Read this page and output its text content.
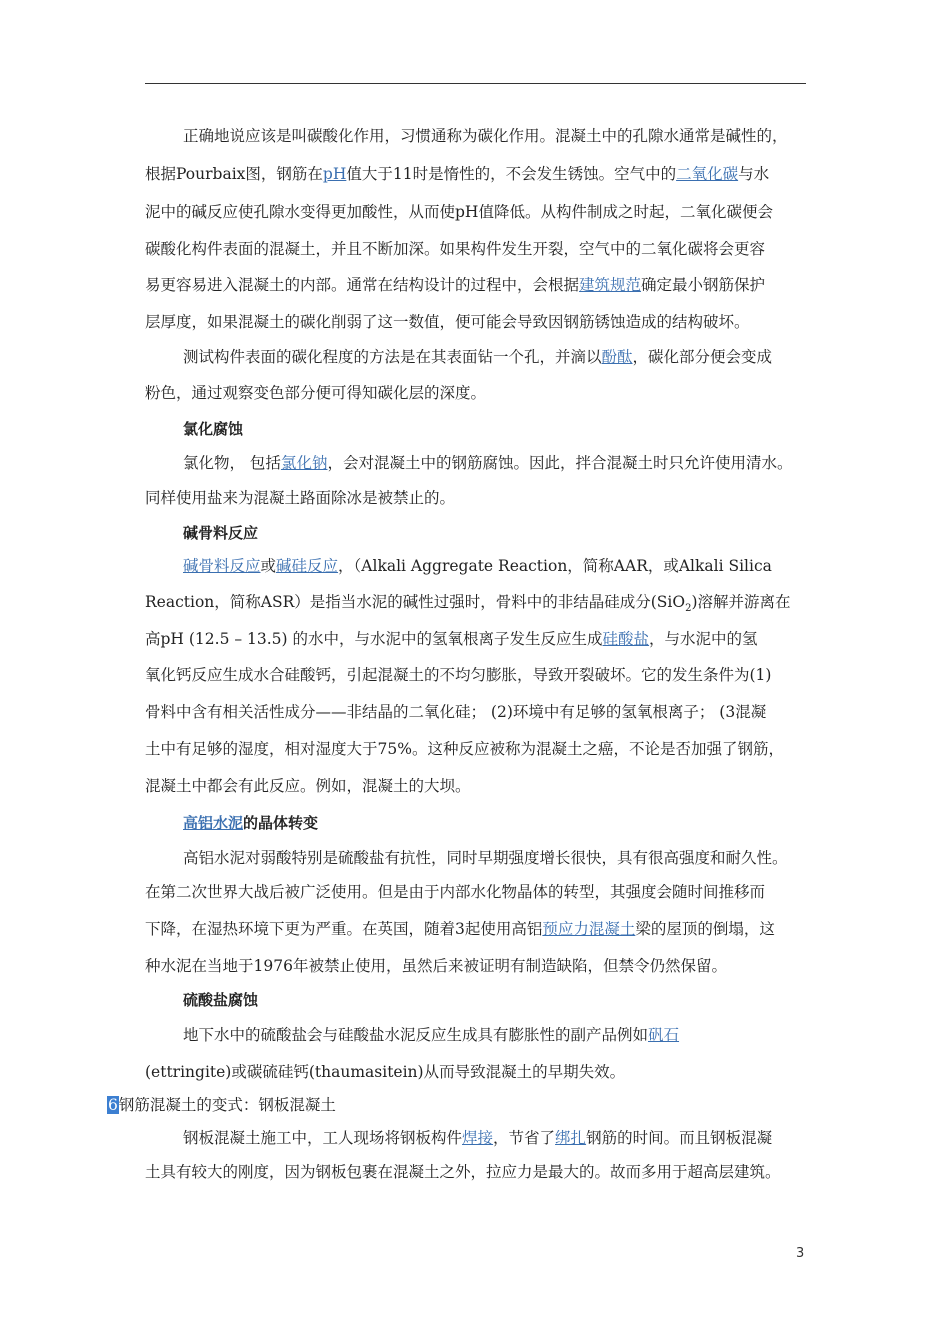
正确地说应该是叫碳酸化作用，习惯通称为碳化作用。混凝土中的孔隙水通常是碱性的，
根据Pourbaix图，钢筋在pH值大于11时是惰性的，不会发生锈蚀。空气中的二氧化碳与水
泥中的碱反应使孔隙水变得更加酸性，从而使pH值降低。从构件制成之时起，二氧化碳便会
碳酸化构件表面的混凝土，并且不断加深。如果构件发生开裂，空气中的二氧化碳将会更容
易更容易进入混凝土的内部。通常在结构设计的过程中，会根据建筑规范确定最小钢筋保护
层厚度，如果混凝土的碳化削弱了这一数值，便可能会导致因钢筋锈蚀造成的结构破坏。
测试构件表面的碳化程度的方法是在其表面钻一个孔，并滴以酚酞，碳化部分便会变成
粉色，通过观察变色部分便可得知碳化层的深度。
氯化腐蚀
氯化物， 包括氯化钠，会对混凝土中的钢筋腐蚀。因此，拌合混凝土时只允许使用清水。
同样使用盐来为混凝土路面除冰是被禁止的。
碱骨料反应
碱骨料反应或碱硅反应，（Alkali Aggregate Reaction，简称AAR，或Alkali Silica
Reaction，简称ASR）是指当水泥的碱性过强时，骨料中的非结晶硅成分(SiO$_2$)溶解并游离在
高pH (12.5 – 13.5) 的水中，与水泥中的氢氧根离子发生反应生成硅酸盐，与水泥中的氢
氧化钙反应生成水合硅酸钙，引起混凝土的不均匀膨胀，导致开裂破坏。它的发生条件为(1)
骨料中含有相关活性成分——非结晶的二氧化硅； (2)环境中有足够的氢氧根离子； (3混凝
土中有足够的湿度，相对湿度大于75%。这种反应被称为混凝土之癌，不论是否加强了钢筋，
混凝土中都会有此反应。例如，混凝土的大坝。
高铝水泥的晶体转变
高铝水泥对弱酸特别是硫酸盐有抗性，同时早期强度增长很快，具有很高强度和耐久性。
在第二次世界大战后被广泛使用。但是由于内部水化物晶体的转型，其强度会随时间推移而
下降，在湿热环境下更为严重。在英国，随着3起使用高铝预应力混凝土梁的屋顶的倒塌，这
种水泥在当地于1976年被禁止使用，虽然后来被证明有制造缺陷，但禁令仍然保留。
硫酸盐腐蚀
地下水中的硫酸盐会与硅酸盐水泥反应生成具有膨胀性的副产品例如矾石
(ettringite)或碳硫硅钙(thaumasitein)从而导致混凝土的早期失效。
6钢筋混凝土的变式：钢板混凝土
钢板混凝土施工中，工人现场将钢板构件焊接，节省了绑扎钢筋的时间。而且钢板混凝
土具有较大的刚度，因为钢板包裹在混凝土之外，拉应力是最大的。故而多用于超高层建筑。
3
